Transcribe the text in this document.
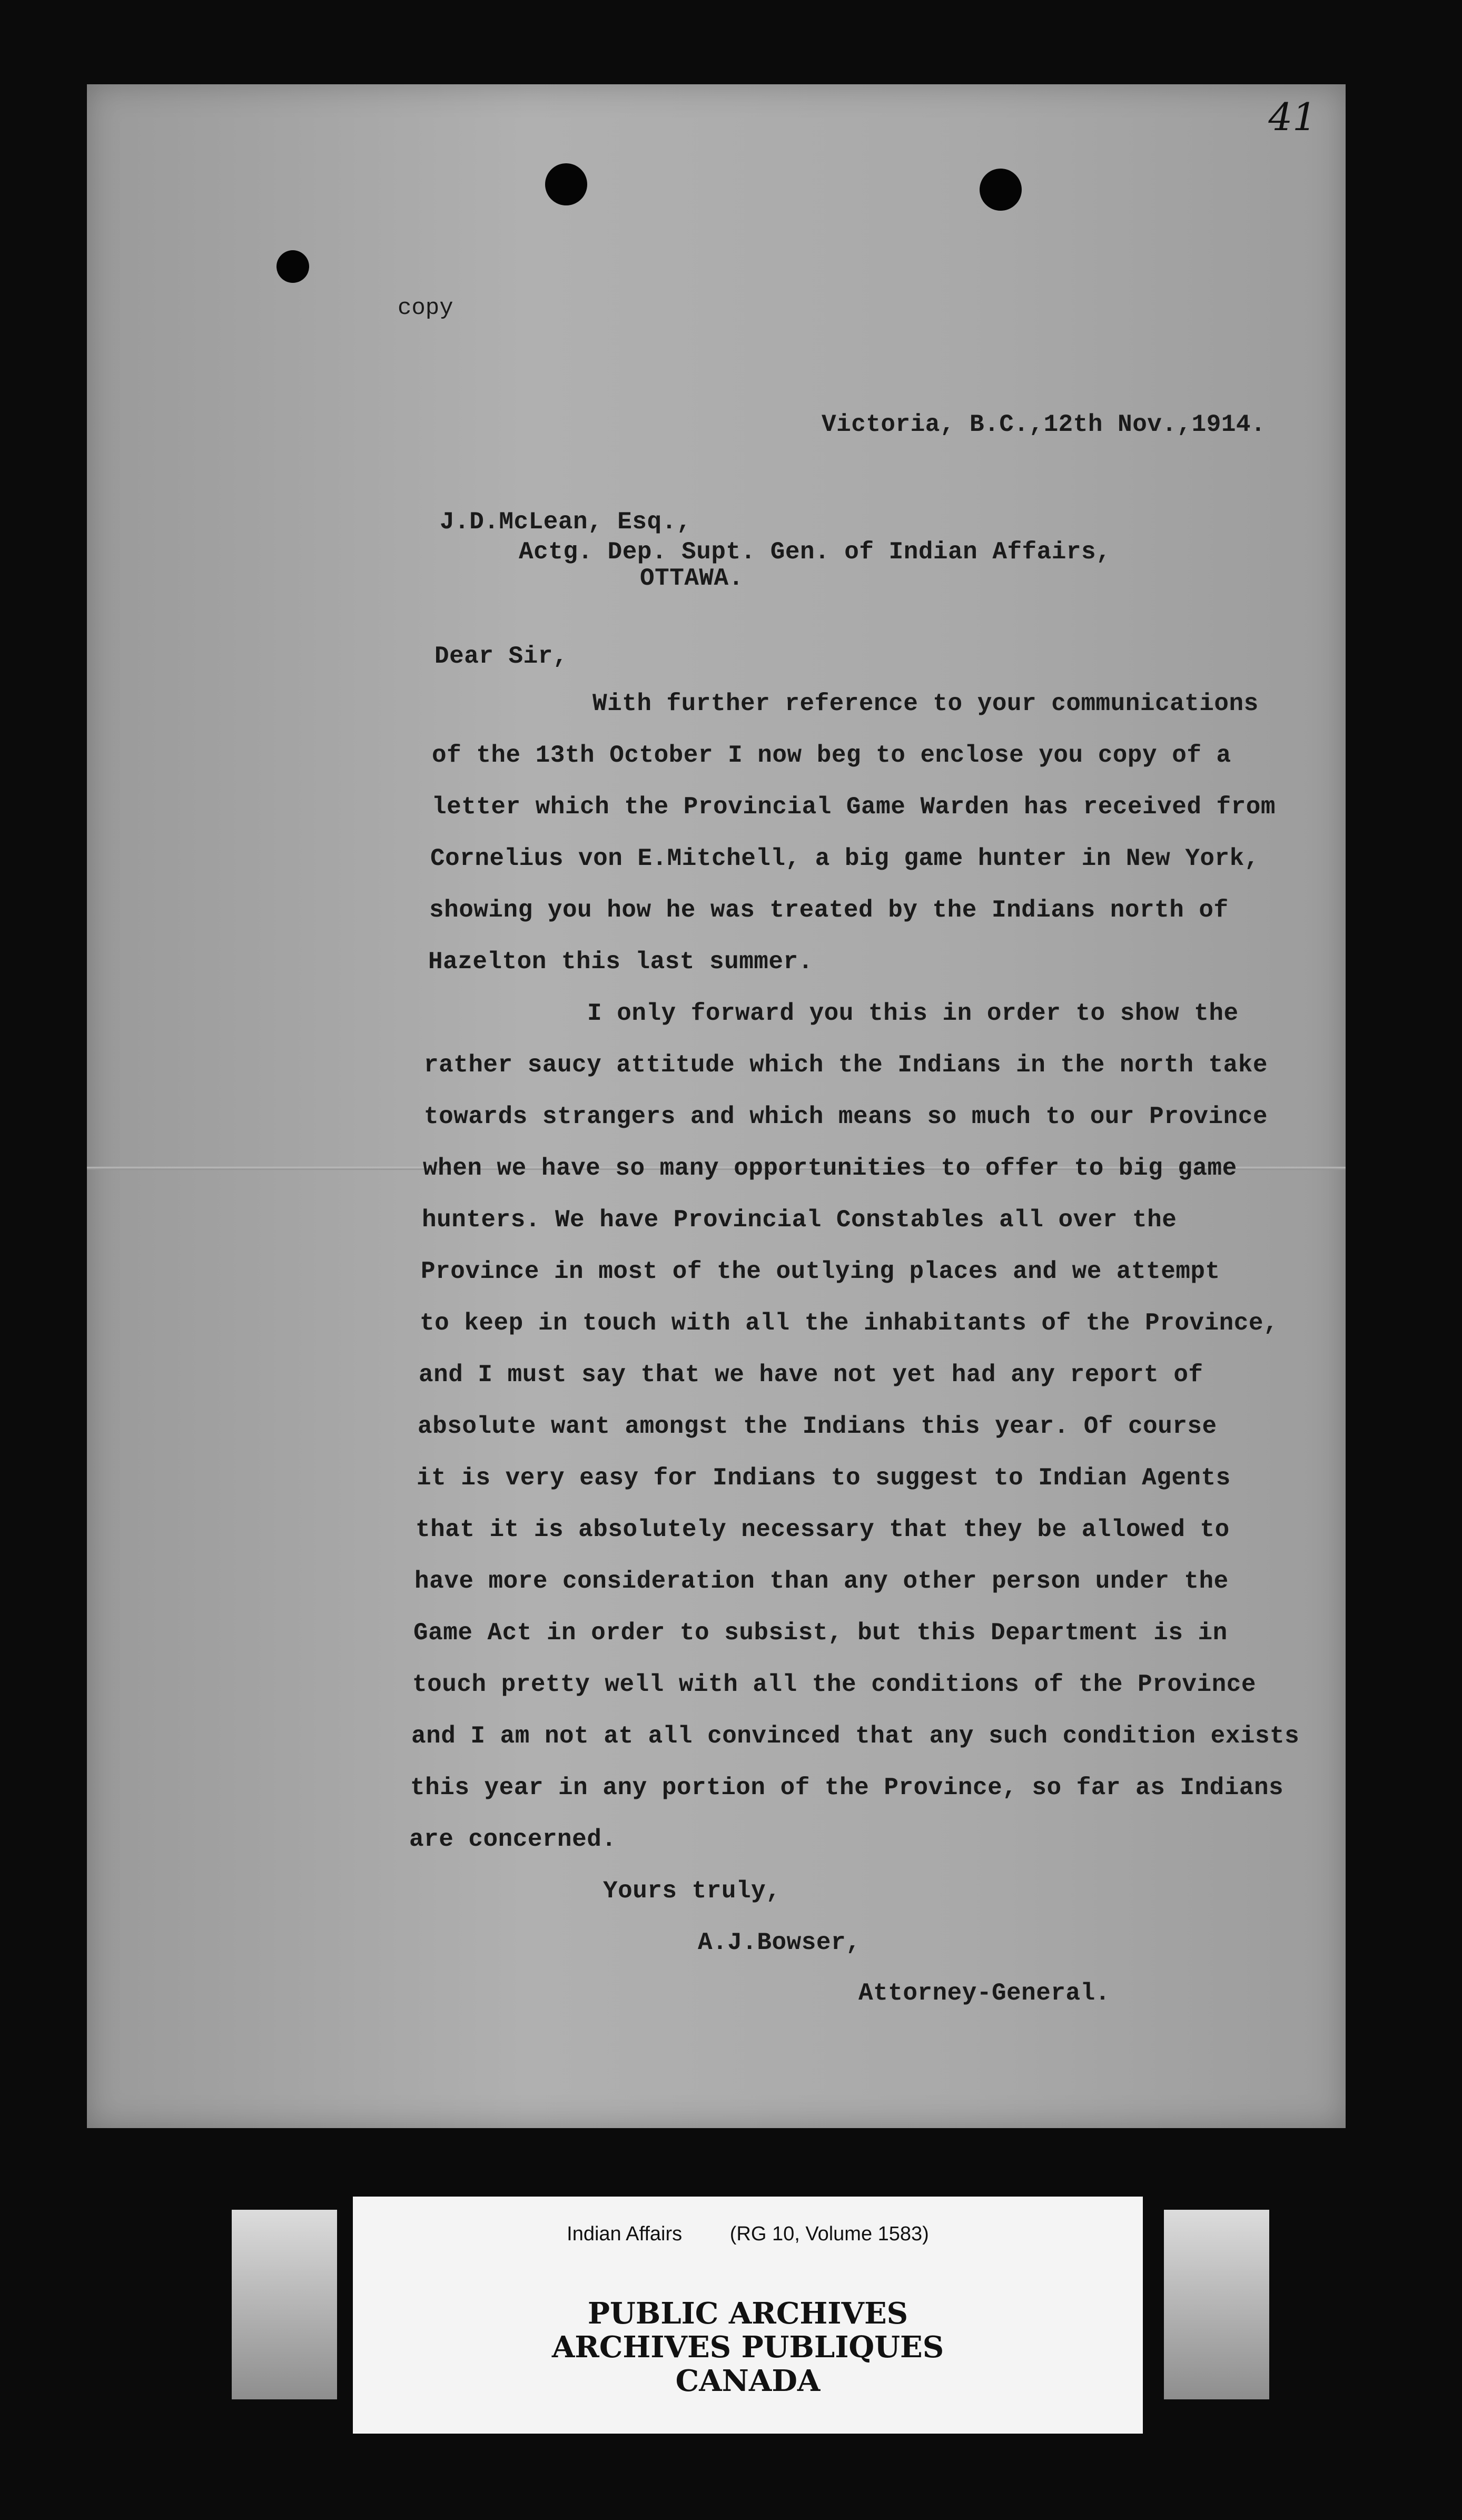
41
copy
Victoria, B.C.,12th Nov.,1914.
J.D.McLean, Esq.,
Actg. Dep. Supt. Gen. of Indian Affairs,
OTTAWA.
Dear Sir,
With further reference to your communications
of the 13th October I now beg to enclose you copy of a
letter which the Provincial Game Warden has received from
Cornelius von E.Mitchell, a big game hunter in New York,
showing you how he was treated by the Indians north of
Hazelton this last summer.
I only forward you this in order to show the
rather saucy attitude which the Indians in the north take
towards strangers and which means so much to our Province
when we have so many opportunities to offer to big game
hunters. We have Provincial Constables all over the
Province in most of the outlying places and we attempt
to keep in touch with all the inhabitants of the Province,
and I must say that we have not yet had any report of
absolute want amongst the Indians this year. Of course
it is very easy for Indians to suggest to Indian Agents
that it is absolutely necessary that they be allowed to
have more consideration than any other person under the
Game Act in order to subsist, but this Department is in
touch pretty well with all the conditions of the Province
and I am not at all convinced that any such condition exists
this year in any portion of the Province, so far as Indians
are concerned.
Yours truly,
A.J.Bowser,
Attorney-General.
Indian Affairs (RG 10, Volume 1583)
PUBLIC ARCHIVES
ARCHIVES PUBLIQUES
CANADA
